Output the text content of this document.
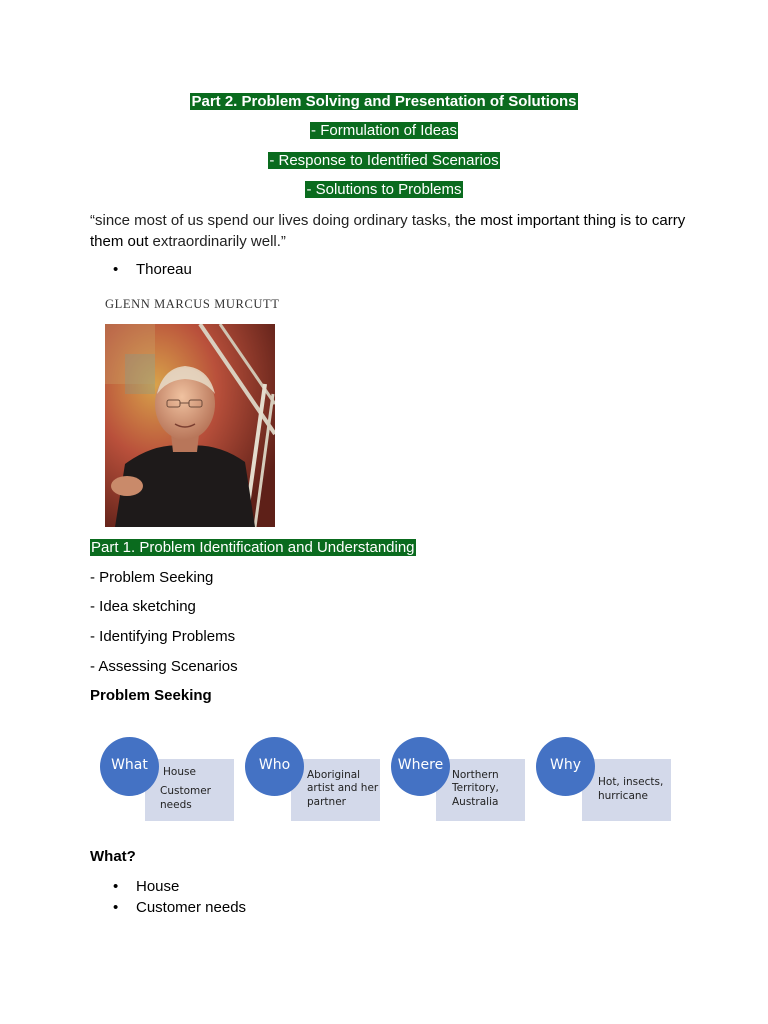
Part 2. Problem Solving and Presentation of Solutions
- Formulation of Ideas
- Response to Identified Scenarios
- Solutions to Problems
“since most of us spend our lives doing ordinary tasks, the most important thing is to carry them out extraordinarily well.”
• Thoreau
GLENN MARCUS MURCUTT
Part 1. Problem Identification and Understanding
- Problem Seeking
- Idea sketching
- Identifying Problems
- Assessing Scenarios
Problem Seeking
House
Customer
needs
What
Aboriginal
artist and her
partner
Who
Northern
Territory,
Australia
Where
Hot, insects,
hurricane
Why
What?
• House
• Customer needs
